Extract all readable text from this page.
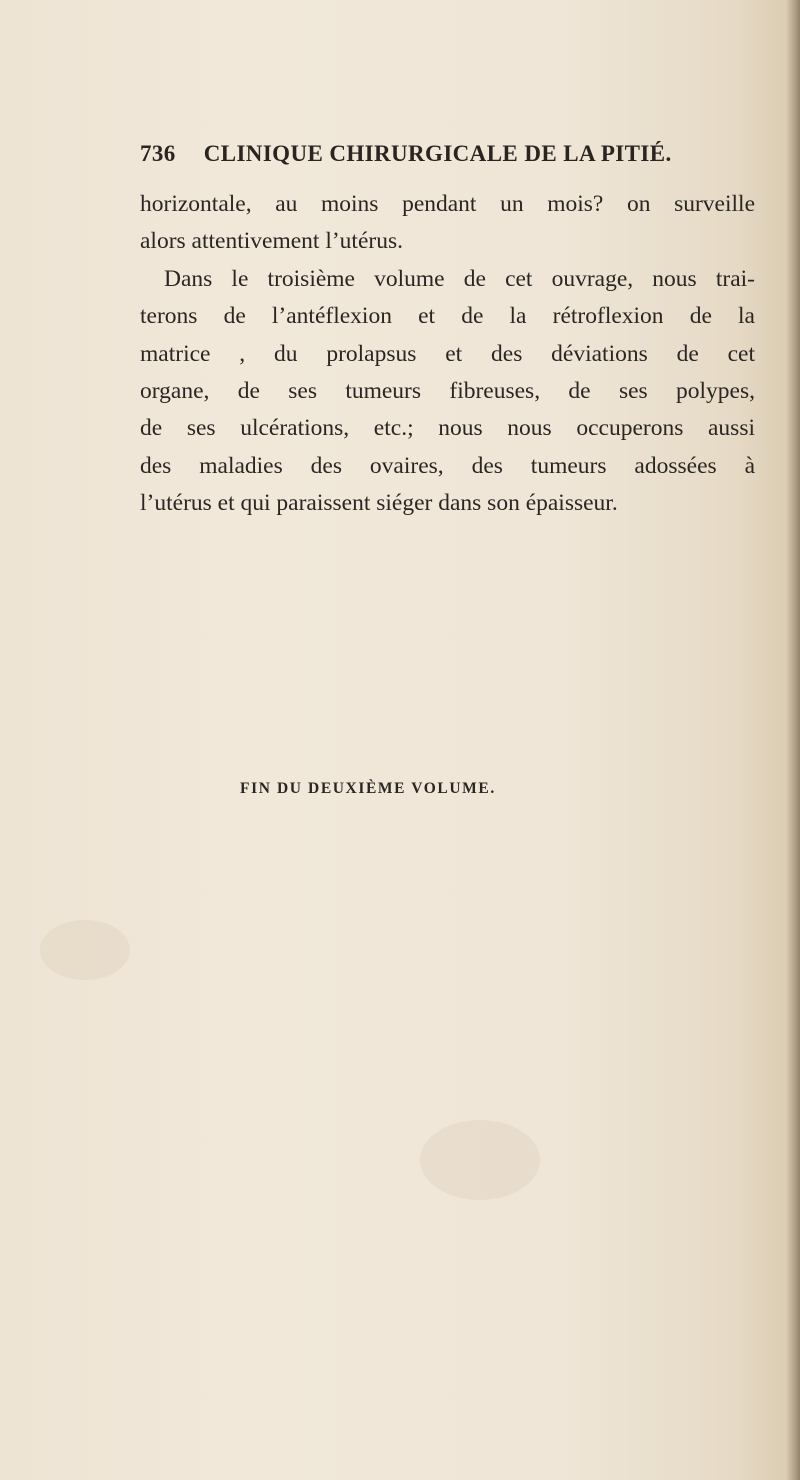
736 CLINIQUE CHIRURGICALE DE LA PITIÉ.
horizontale, au moins pendant un mois? on surveille
alors attentivement l’utérus.
Dans le troisième volume de cet ouvrage, nous trai-
terons de l’antéflexion et de la rétroflexion de la
matrice , du prolapsus et des déviations de cet
organe, de ses tumeurs fibreuses, de ses polypes,
de ses ulcérations, etc.; nous nous occuperons aussi
des maladies des ovaires, des tumeurs adossées à
l’utérus et qui paraissent siéger dans son épaisseur.
FIN DU DEUXIÈME VOLUME.
